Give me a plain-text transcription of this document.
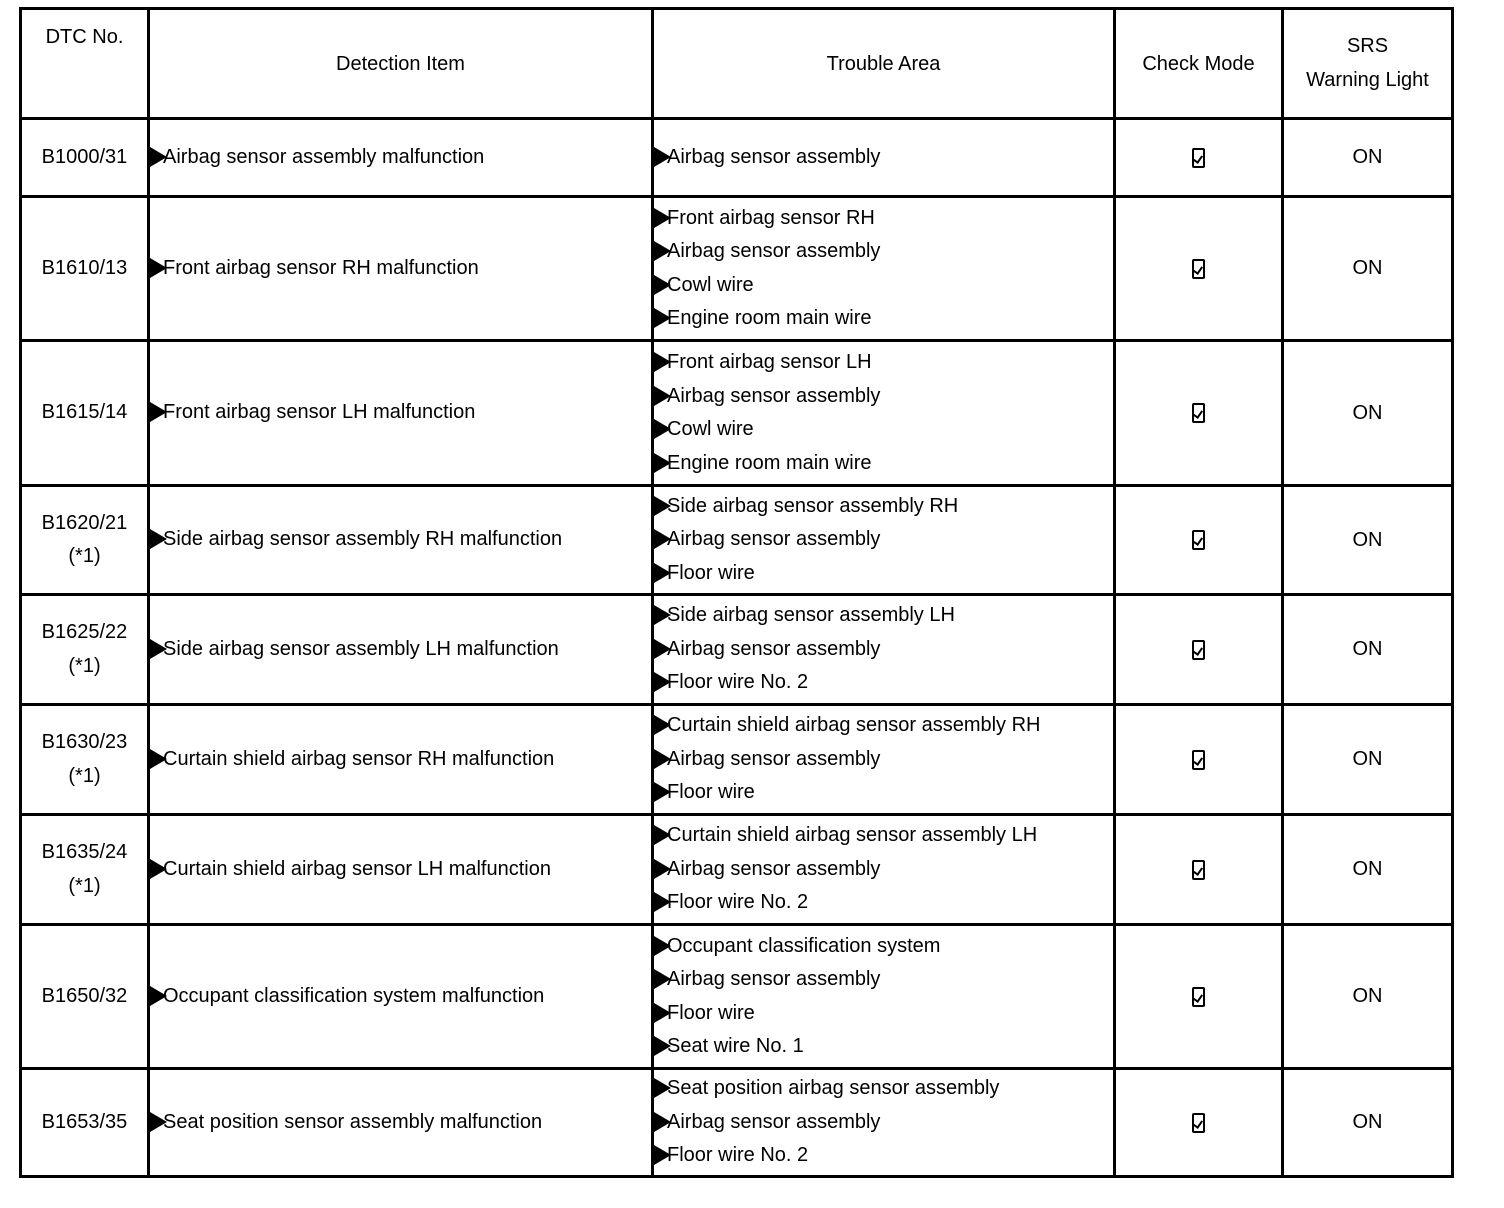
DTC No.	Detection Item	Trouble Area	Check Mode	SRS
Warning Light

B1000/31	Airbag sensor assembly malfunction	Airbag sensor assembly		ON

B1610/13	Front airbag sensor RH malfunction	Front airbag sensor RH
Airbag sensor assembly
Cowl wire
Engine room main wire		ON

B1615/14	Front airbag sensor LH malfunction	Front airbag sensor LH
Airbag sensor assembly
Cowl wire
Engine room main wire		ON

B1620/21
(*1)	Side airbag sensor assembly RH malfunction	Side airbag sensor assembly RH
Airbag sensor assembly
Floor wire		ON

B1625/22
(*1)	Side airbag sensor assembly LH malfunction	Side airbag sensor assembly LH
Airbag sensor assembly
Floor wire No. 2		ON

B1630/23
(*1)	Curtain shield airbag sensor RH malfunction	Curtain shield airbag sensor assembly RH
Airbag sensor assembly
Floor wire		ON

B1635/24
(*1)	Curtain shield airbag sensor LH malfunction	Curtain shield airbag sensor assembly LH
Airbag sensor assembly
Floor wire No. 2		ON

B1650/32	Occupant classification system malfunction	Occupant classification system
Airbag sensor assembly
Floor wire
Seat wire No. 1		ON

B1653/35	Seat position sensor assembly malfunction	Seat position airbag sensor assembly
Airbag sensor assembly
Floor wire No. 2		ON
